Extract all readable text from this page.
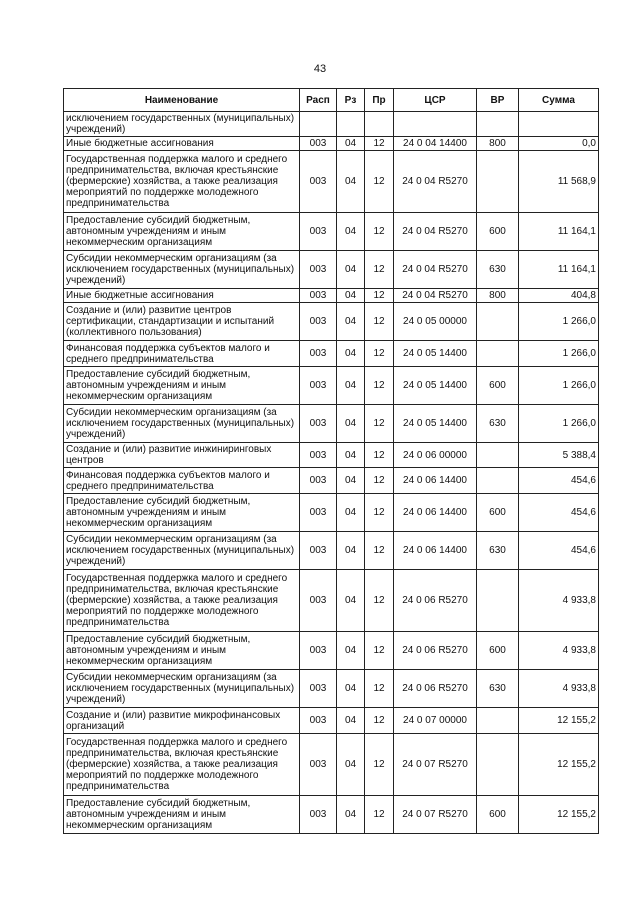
43
Наименование	Расп	Рз	Пр	ЦСР	ВР	Сумма
исключением государственных (муниципальных) учреждений)						
Иные бюджетные ассигнования	003	04	12	24 0 04 14400	800	0,0
Государственная поддержка малого и среднего предпринимательства, включая крестьянские (фермерские) хозяйства, а также реализация мероприятий по поддержке молодежного предпринимательства	003	04	12	24 0 04 R5270		11 568,9
Предоставление субсидий бюджетным, автономным учреждениям и иным некоммерческим организациям	003	04	12	24 0 04 R5270	600	11 164,1
Субсидии некоммерческим организациям (за исключением государственных (муниципальных) учреждений)	003	04	12	24 0 04 R5270	630	11 164,1
Иные бюджетные ассигнования	003	04	12	24 0 04 R5270	800	404,8
Создание и (или) развитие центров сертификации, стандартизации и испытаний (коллективного пользования)	003	04	12	24 0 05 00000		1 266,0
Финансовая поддержка субъектов малого и среднего предпринимательства	003	04	12	24 0 05 14400		1 266,0
Предоставление субсидий бюджетным, автономным учреждениям и иным некоммерческим организациям	003	04	12	24 0 05 14400	600	1 266,0
Субсидии некоммерческим организациям (за исключением государственных (муниципальных) учреждений)	003	04	12	24 0 05 14400	630	1 266,0
Создание и (или) развитие инжиниринговых центров	003	04	12	24 0 06 00000		5 388,4
Финансовая поддержка субъектов малого и среднего предпринимательства	003	04	12	24 0 06 14400		454,6
Предоставление субсидий бюджетным, автономным учреждениям и иным некоммерческим организациям	003	04	12	24 0 06 14400	600	454,6
Субсидии некоммерческим организациям (за исключением государственных (муниципальных) учреждений)	003	04	12	24 0 06 14400	630	454,6
Государственная поддержка малого и среднего предпринимательства, включая крестьянские (фермерские) хозяйства, а также реализация мероприятий по поддержке молодежного предпринимательства	003	04	12	24 0 06 R5270		4 933,8
Предоставление субсидий бюджетным, автономным учреждениям и иным некоммерческим организациям	003	04	12	24 0 06 R5270	600	4 933,8
Субсидии некоммерческим организациям (за исключением государственных (муниципальных) учреждений)	003	04	12	24 0 06 R5270	630	4 933,8
Создание и (или) развитие микрофинансовых организаций	003	04	12	24 0 07 00000		12 155,2
Государственная поддержка малого и среднего предпринимательства, включая крестьянские (фермерские) хозяйства, а также реализация мероприятий по поддержке молодежного предпринимательства	003	04	12	24 0 07 R5270		12 155,2
Предоставление субсидий бюджетным, автономным учреждениям и иным некоммерческим организациям	003	04	12	24 0 07 R5270	600	12 155,2
